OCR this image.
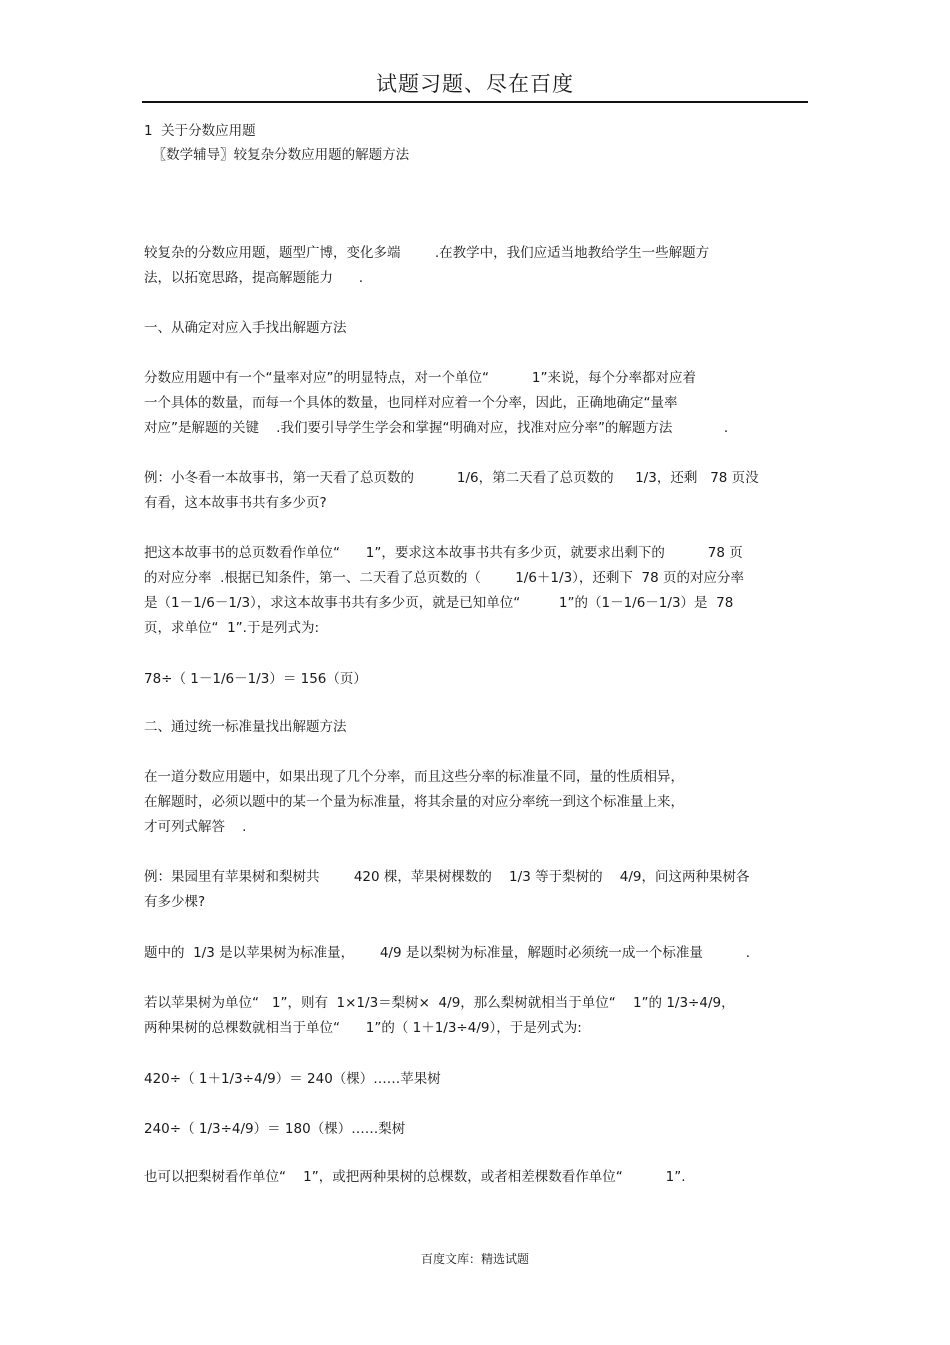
试题习题、尽在百度
1  关于分数应用题
〖数学辅导〗较复杂分数应用题的解题方法
较复杂的分数应用题，题型广博，变化多端        .在教学中，我们应适当地教给学生一些解题方
法，以拓宽思路，提高解题能力      .
一、从确定对应入手找出解题方法
分数应用题中有一个“量率对应”的明显特点，对一个单位“          1”来说，每个分率都对应着
一个具体的数量，而每一个具体的数量，也同样对应着一个分率，因此，正确地确定“量率
对应”是解题的关键    .我们要引导学生学会和掌握“明确对应，找准对应分率”的解题方法            .
例：小冬看一本故事书，第一天看了总页数的          1/6，第二天看了总页数的     1/3，还剩   78 页没
有看，这本故事书共有多少页?
把这本故事书的总页数看作单位“      1”，要求这本故事书共有多少页，就要求出剩下的          78 页
的对应分率  .根据已知条件，第一、二天看了总页数的（        1/6＋1/3），还剩下  78 页的对应分率
是（1－1/6－1/3），求这本故事书共有多少页，就是已知单位“         1”的（1－1/6－1/3）是  78
页，求单位“  1”.于是列式为:
78÷（ 1－1/6－1/3）＝ 156（页）
二、通过统一标准量找出解题方法
在一道分数应用题中，如果出现了几个分率，而且这些分率的标准量不同，量的性质相异，
在解题时，必须以题中的某一个量为标准量，将其余量的对应分率统一到这个标准量上来，
才可列式解答    .
例：果园里有苹果树和梨树共        420 棵，苹果树棵数的    1/3 等于梨树的    4/9，问这两种果树各
有多少棵?
题中的  1/3 是以苹果树为标准量，      4/9 是以梨树为标准量，解题时必须统一成一个标准量          .
若以苹果树为单位“   1”，则有  1×1/3＝梨树×  4/9，那么梨树就相当于单位“    1”的 1/3÷4/9，
两种果树的总棵数就相当于单位“      1”的（ 1＋1/3÷4/9），于是列式为:
420÷（ 1＋1/3÷4/9）＝ 240（棵）……苹果树
240÷（ 1/3÷4/9）＝ 180（棵）……梨树
也可以把梨树看作单位“    1”，或把两种果树的总棵数，或者相差棵数看作单位“          1”.
百度文库：精选试题
